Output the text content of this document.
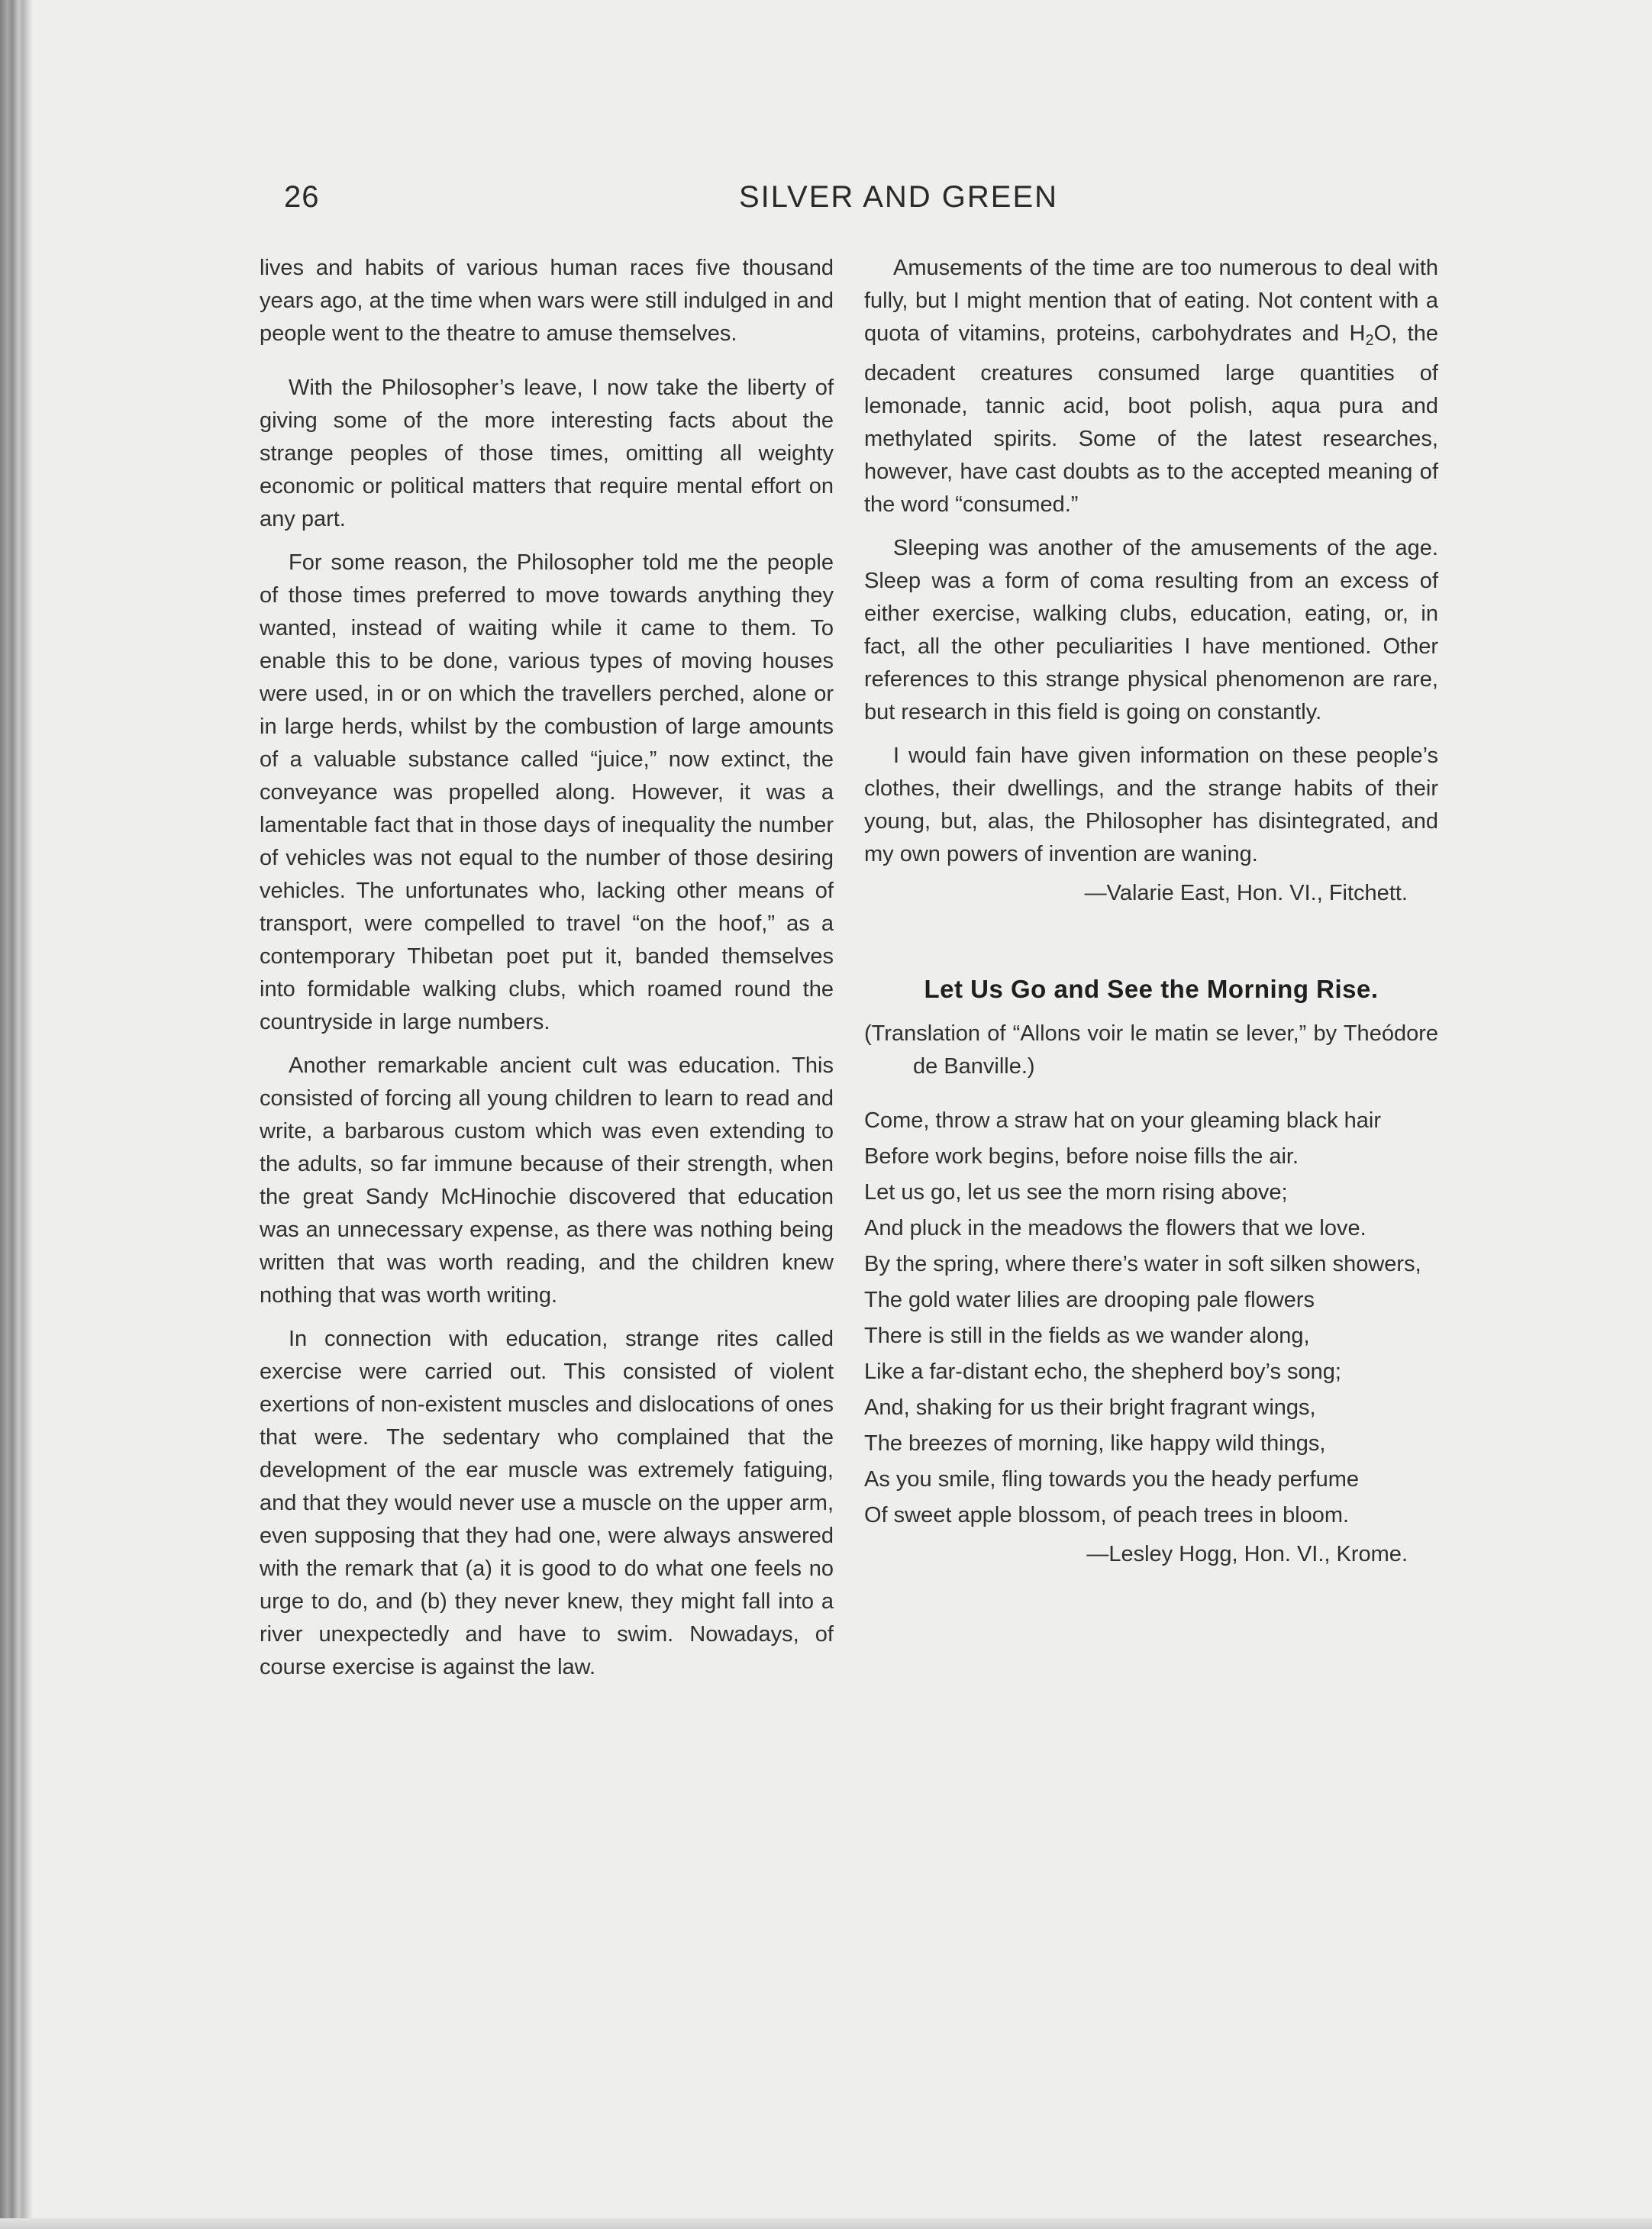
26	SILVER AND GREEN

lives and habits of various human races five thousand years ago, at the time when wars were still indulged in and people went to the theatre to amuse themselves.

With the Philosopher’s leave, I now take the liberty of giving some of the more interesting facts about the strange peoples of those times, omitting all weighty economic or political matters that require mental effort on any part.

For some reason, the Philosopher told me the people of those times preferred to move towards anything they wanted, instead of waiting while it came to them. To enable this to be done, various types of moving houses were used, in or on which the travellers perched, alone or in large herds, whilst by the combustion of large amounts of a valuable substance called “juice,” now extinct, the conveyance was propelled along. However, it was a lamentable fact that in those days of inequality the number of vehicles was not equal to the number of those desiring vehicles. The unfortunates who, lacking other means of transport, were compelled to travel “on the hoof,” as a contemporary Thibetan poet put it, banded themselves into formidable walking clubs, which roamed round the countryside in large numbers.

Another remarkable ancient cult was education. This consisted of forcing all young children to learn to read and write, a barbarous custom which was even extending to the adults, so far immune because of their strength, when the great Sandy McHinochie discovered that education was an unnecessary expense, as there was nothing being written that was worth reading, and the children knew nothing that was worth writing.

In connection with education, strange rites called exercise were carried out. This consisted of violent exertions of non-existent muscles and dislocations of ones that were. The sedentary who complained that the development of the ear muscle was extremely fatiguing, and that they would never use a muscle on the upper arm, even supposing that they had one, were always answered with the remark that (a) it is good to do what one feels no urge to do, and (b) they never knew, they might fall into a river unexpectedly and have to swim. Nowadays, of course exercise is against the law.

Amusements of the time are too numerous to deal with fully, but I might mention that of eating. Not content with a quota of vitamins, proteins, carbohydrates and $H_2O$, the decadent creatures consumed large quantities of lemonade, tannic acid, boot polish, aqua pura and methylated spirits. Some of the latest researches, however, have cast doubts as to the accepted meaning of the word “consumed.”

Sleeping was another of the amusements of the age. Sleep was a form of coma resulting from an excess of either exercise, walking clubs, education, eating, or, in fact, all the other peculiarities I have mentioned. Other references to this strange physical phenomenon are rare, but research in this field is going on constantly.

I would fain have given information on these people’s clothes, their dwellings, and the strange habits of their young, but, alas, the Philosopher has disintegrated, and my own powers of invention are waning.

—Valarie East, Hon. VI., Fitchett.
Let Us Go and See the Morning Rise.
(Translation of “Allons voir le matin se lever,” by Theódore de Banville.)
Come, throw a straw hat on your gleaming black hair
Before work begins, before noise fills the air.
Let us go, let us see the morn rising above;
And pluck in the meadows the flowers that we love.
By the spring, where there’s water in soft silken showers,
The gold water lilies are drooping pale flowers
There is still in the fields as we wander along,
Like a far-distant echo, the shepherd boy’s song;
And, shaking for us their bright fragrant wings,
The breezes of morning, like happy wild things,
As you smile, fling towards you the heady perfume
Of sweet apple blossom, of peach trees in bloom.
—Lesley Hogg, Hon. VI., Krome.
